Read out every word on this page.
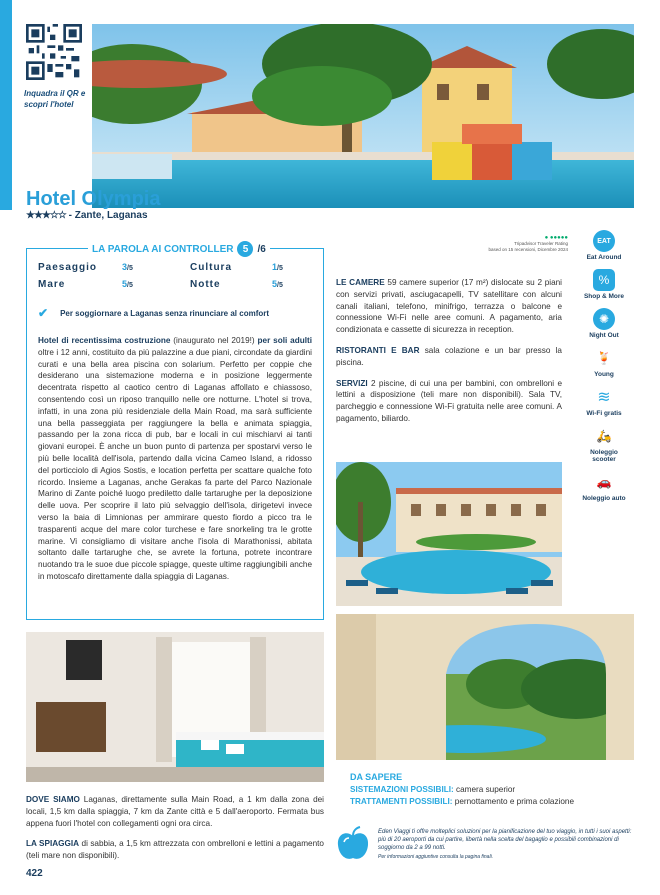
Inquadra il QR e scopri l'hotel
Hotel Olympia
★★★☆☆ - Zante, Laganas
LA PAROLA AI CONTROLLER 5 /6
Paesaggio	3/5	Cultura	1/5
Mare	5/5	Notte	5/5
✔ Per soggiornare a Laganas senza rinunciare al comfort
Hotel di recentissima costruzione (inaugurato nel 2019!) per soli adulti oltre i 12 anni, costituito da più palazzine a due piani, circondate da giardini curati e una bella area piscina con solarium. Perfetto per coppie che desiderano una sistemazione moderna e in posizione leggermente decentrata rispetto al caotico centro di Laganas affollato e chiassoso, consentendo così un riposo tranquillo nelle ore notturne. L'hotel si trova, infatti, in una zona più residenziale della Main Road, ma sarà sufficiente una bella passeggiata per raggiungere la bella e animata spiaggia, passando per la zona ricca di pub, bar e locali in cui mischiarvi ai tanti giovani europei. È anche un buon punto di partenza per spostarvi verso le più belle località dell'isola, partendo dalla vicina Cameo Island, a ridosso del porticciolo di Agios Sostis, e location perfetta per scattare qualche foto ricordo. Insieme a Laganas, anche Gerakas fa parte del Parco Nazionale Marino di Zante poiché luogo prediletto dalle tartarughe per la deposizione delle uova. Per scoprire il lato più selvaggio dell'isola, dirigetevi invece verso la baia di Limnionas per ammirare questo fiordo a picco tra le trasparenti acque del mare color turchese e fare snorkeling tra le grotte marine. Vi consigliamo di visitare anche l'isola di Marathonissi, abitata soltanto dalle tartarughe che, se avrete la fortuna, potrete incontrare nuotando tra le suoe due piccole spiagge, queste ultime raggiungibili anche in motoscafo direttamente dalla spiaggia di Laganas.
● ●●●●●
Tripadvisor Traveler Rating
based on 15 recensioni, Dicembre 2024
LE CAMERE 59 camere superior (17 m²) dislocate su 2 piani con servizi privati, asciugacapelli, TV satellitare con alcuni canali italiani, telefono, minifrigo, terrazza o balcone e connessione Wi-Fi nelle aree comuni. A pagamento, aria condizionata e cassette di sicurezza in reception.
RISTORANTI E BAR sala colazione e un bar presso la piscina.
SERVIZI 2 piscine, di cui una per bambini, con ombrelloni e lettini a disposizione (teli mare non disponibili). Sala TV, parcheggio e connessione Wi-Fi gratuita nelle aree comuni. A pagamento, biliardo.
EAT
Eat Around
%
Shop & More
✺
Night Out
🍹
Young
≋
Wi-Fi gratis
🛵
Noleggio scooter
🚗
Noleggio auto
DOVE SIAMO Laganas, direttamente sulla Main Road, a 1 km dalla zona dei locali, 1,5 km dalla spiaggia, 7 km da Zante città e 5 dall'aeroporto. Fermata bus appena fuori l'hotel con collegamenti ogni ora circa.
LA SPIAGGIA di sabbia, a 1,5 km attrezzata con ombrelloni e lettini a pagamento (teli mare non disponibili).
DA SAPERE
SISTEMAZIONI POSSIBILI: camera superior
TRATTAMENTI POSSIBILI: pernottamento e prima colazione
Eden Viaggi ti offre molteplici soluzioni per la pianificazione del tuo viaggio, in tutti i suoi aspetti: più di 20 aeroporti da cui partire, libertà nella scelta del bagaglio e possibili combinazioni di soggiorno da 2 a 99 notti.
Per informazioni aggiuntive consulta la pagina finali.
422
